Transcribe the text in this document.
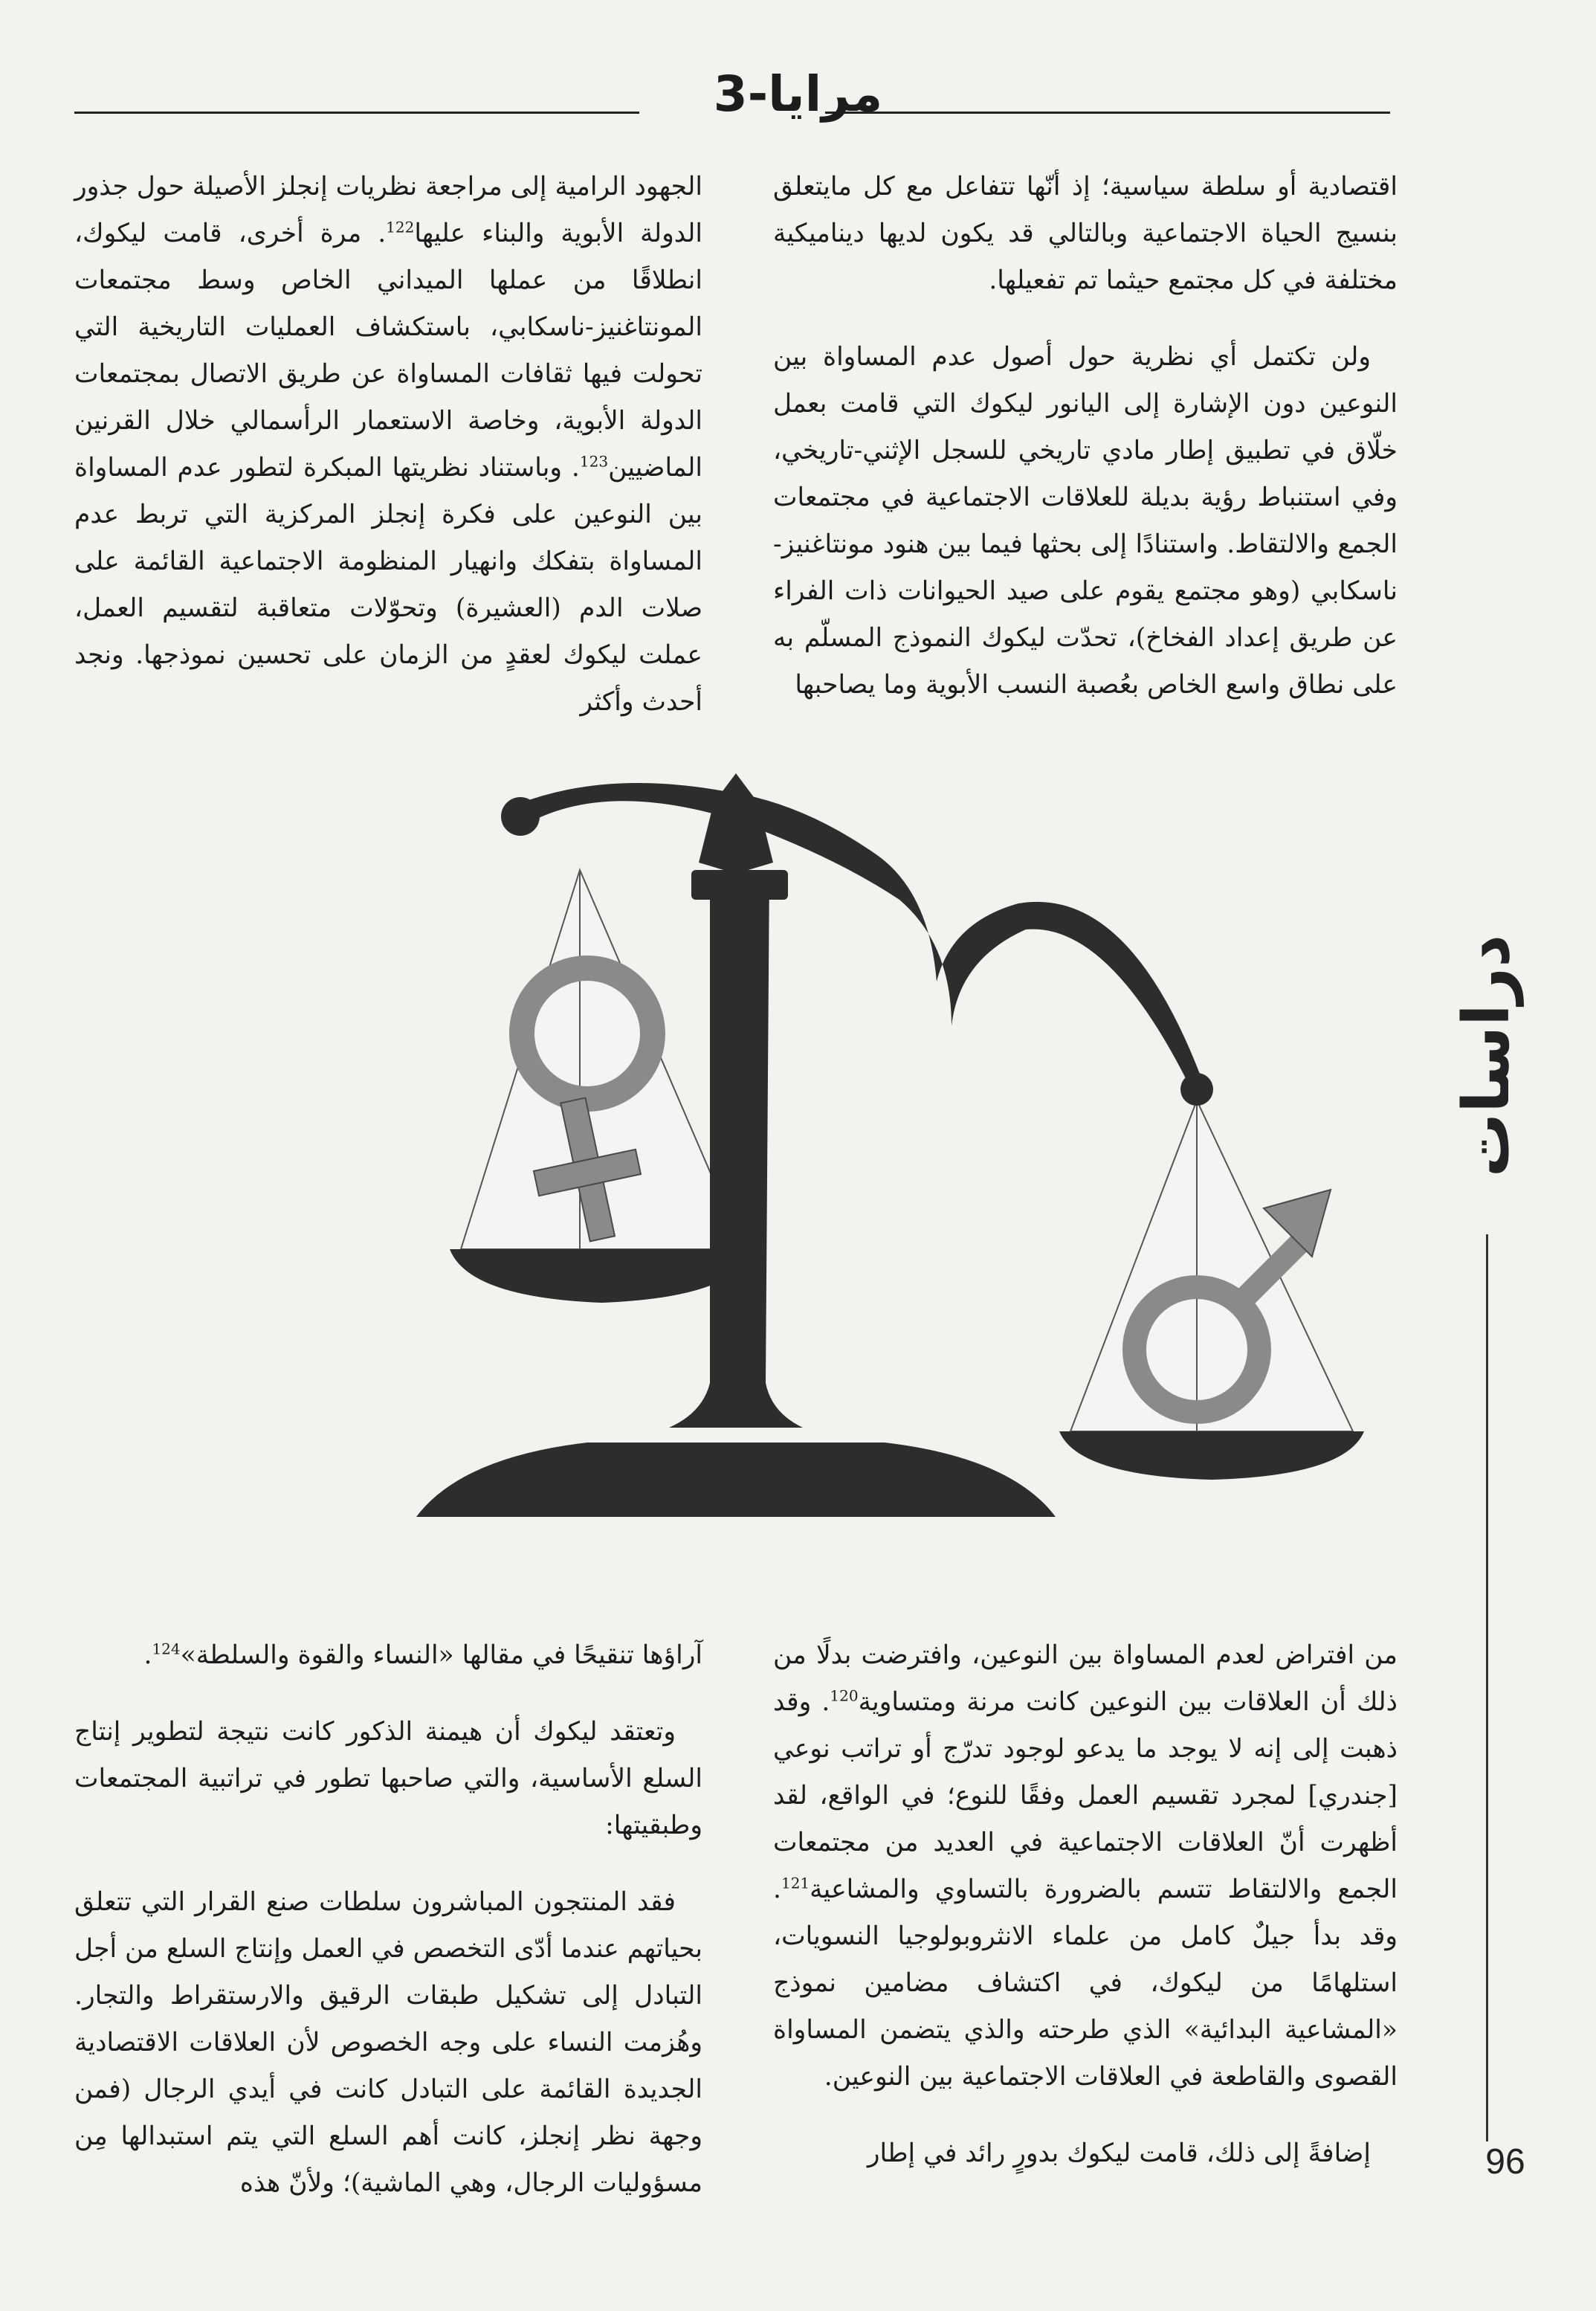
مرايا-3

اقتصادية أو سلطة سياسية؛ إذ أنّها تتفاعل مع كل مايتعلق بنسيج الحياة الاجتماعية وبالتالي قد يكون لديها ديناميكية مختلفة في كل مجتمع حيثما تم تفعيلها.

ولن تكتمل أي نظرية حول أصول عدم المساواة بين النوعين دون الإشارة إلى اليانور ليكوك التي قامت بعمل خلّاق في تطبيق إطار مادي تاريخي للسجل الإثني-تاريخي، وفي استنباط رؤية بديلة للعلاقات الاجتماعية في مجتمعات الجمع والالتقاط. واستنادًا إلى بحثها فيما بين هنود مونتاغنيز-ناسكابي (وهو مجتمع يقوم على صيد الحيوانات ذات الفراء عن طريق إعداد الفخاخ)، تحدّت ليكوك النموذج المسلّم به على نطاق واسع الخاص بعُصبة النسب الأبوية وما يصاحبها

الجهود الرامية إلى مراجعة نظريات إنجلز الأصيلة حول جذور الدولة الأبوية والبناء عليها$^{122}$. مرة أخرى، قامت ليكوك، انطلاقًا من عملها الميداني الخاص وسط مجتمعات المونتاغنيز-ناسكابي، باستكشاف العمليات التاريخية التي تحولت فيها ثقافات المساواة عن طريق الاتصال بمجتمعات الدولة الأبوية، وخاصة الاستعمار الرأسمالي خلال القرنين الماضيين$^{123}$. وباستناد نظريتها المبكرة لتطور عدم المساواة بين النوعين على فكرة إنجلز المركزية التي تربط عدم المساواة بتفكك وانهيار المنظومة الاجتماعية القائمة على صلات الدم (العشيرة) وتحوّلات متعاقبة لتقسيم العمل، عملت ليكوك لعقدٍ من الزمان على تحسين نموذجها. ونجد أحدث وأكثر

من افتراض لعدم المساواة بين النوعين، وافترضت بدلًا من ذلك أن العلاقات بين النوعين كانت مرنة ومتساوية$^{120}$. وقد ذهبت إلى إنه لا يوجد ما يدعو لوجود تدرّج أو تراتب نوعي [جندري] لمجرد تقسيم العمل وفقًا للنوع؛ في الواقع، لقد أظهرت أنّ العلاقات الاجتماعية في العديد من مجتمعات الجمع والالتقاط تتسم بالضرورة بالتساوي والمشاعية$^{121}$. وقد بدأ جيلٌ كامل من علماء الانثروبولوجيا النسويات، استلهامًا من ليكوك، في اكتشاف مضامين نموذج «المشاعية البدائية» الذي طرحته والذي يتضمن المساواة القصوى والقاطعة في العلاقات الاجتماعية بين النوعين.

إضافةً إلى ذلك، قامت ليكوك بدورٍ رائد في إطار

آراؤها تنقيحًا في مقالها «النساء والقوة والسلطة»$^{124}$.

وتعتقد ليكوك أن هيمنة الذكور كانت نتيجة لتطوير إنتاج السلع الأساسية، والتي صاحبها تطور في تراتبية المجتمعات وطبقيتها:

فقد المنتجون المباشرون سلطات صنع القرار التي تتعلق بحياتهم عندما أدّى التخصص في العمل وإنتاج السلع من أجل التبادل إلى تشكيل طبقات الرقيق والارستقراط والتجار. وهُزمت النساء على وجه الخصوص لأن العلاقات الاقتصادية الجديدة القائمة على التبادل كانت في أيدي الرجال (فمن وجهة نظر إنجلز، كانت أهم السلع التي يتم استبدالها مِن مسؤوليات الرجال، وهي الماشية)؛ ولأنّ هذه

دراسات
96
